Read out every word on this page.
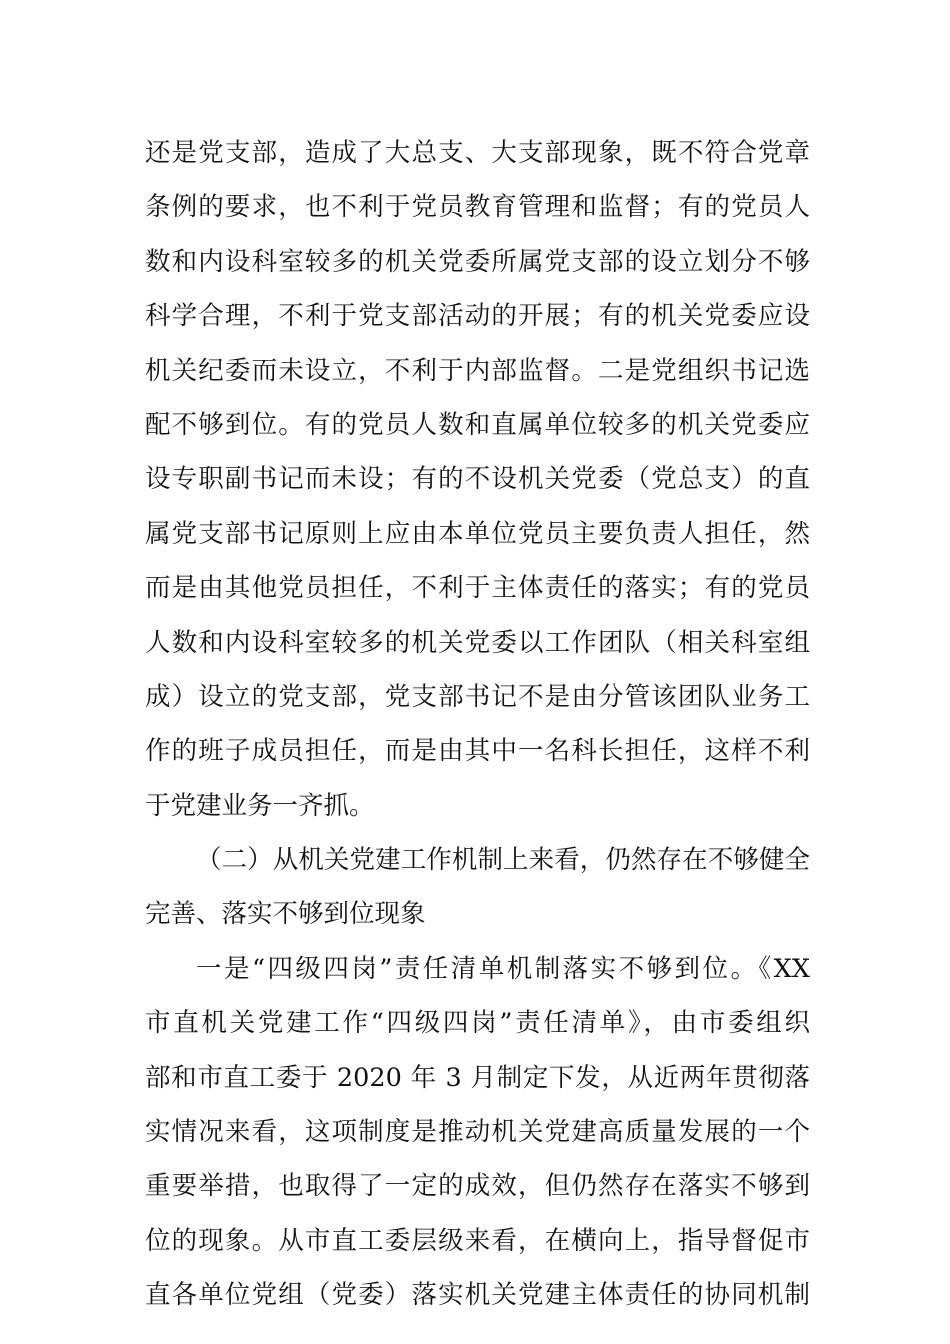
还是党支部，造成了大总支、大支部现象，既不符合党章
条例的要求，也不利于党员教育管理和监督；有的党员人
数和内设科室较多的机关党委所属党支部的设立划分不够
科学合理，不利于党支部活动的开展；有的机关党委应设
机关纪委而未设立，不利于内部监督。二是党组织书记选
配不够到位。有的党员人数和直属单位较多的机关党委应
设专职副书记而未设；有的不设机关党委（党总支）的直
属党支部书记原则上应由本单位党员主要负责人担任，然
而是由其他党员担任，不利于主体责任的落实；有的党员
人数和内设科室较多的机关党委以工作团队（相关科室组
成）设立的党支部，党支部书记不是由分管该团队业务工
作的班子成员担任，而是由其中一名科长担任，这样不利
于党建业务一齐抓。
（二）从机关党建工作机制上来看，仍然存在不够健全
完善、落实不够到位现象
一是“四级四岗”责任清单机制落实不够到位。《XX
市直机关党建工作“四级四岗”责任清单》，由市委组织
部和市直工委于 2020 年 3 月制定下发，从近两年贯彻落
实情况来看，这项制度是推动机关党建高质量发展的一个
重要举措，也取得了一定的成效，但仍然存在落实不够到
位的现象。从市直工委层级来看，在横向上，指导督促市
直各单位党组（党委）落实机关党建主体责任的协同机制
